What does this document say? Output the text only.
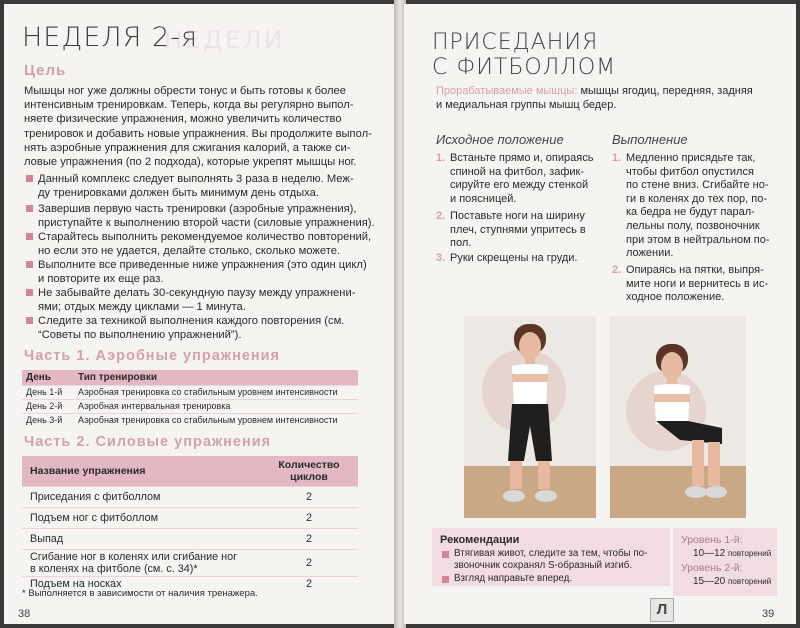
НЕДЕЛИ
НЕДЕЛЯ 2-я
Цель
Мышцы ног уже должны обрести тонус и быть готовы к более
интенсивным тренировкам. Теперь, когда вы регулярно выпол-
няете физические упражнения, можно увеличить количество
тренировок и добавить новые упражнения. Вы продолжите выпол-
нять аэробные упражнения для сжигания калорий, а также си-
ловые упражнения (по 2 подхода), которые укрепят мышцы ног.
Данный комплекс следует выполнять 3 раза в неделю. Меж-
ду тренировками должен быть минимум день отдыха.
Завершив первую часть тренировки (аэробные упражнения),
приступайте к выполнению второй части (силовые упражнения).
Старайтесь выполнить рекомендуемое количество повторений,
но если это не удается, делайте столько, сколько можете.
Выполните все приведенные ниже упражнения (это один цикл)
и повторите их еще раз.
Не забывайте делать 30-секундную паузу между упражнени-
ями; отдых между циклами — 1 минута.
Следите за техникой выполнения каждого повторения (см.
“Советы по выполнению упражнений”).
Часть 1. Аэробные упражнения
День	Тип тренировки
День 1-й	Аэробная тренировка со стабильным уровнем интенсивности
День 2-й	Аэробная интервальная тренировка
День 3-й	Аэробная тренировка со стабильным уровнем интенсивности
Часть 2. Силовые упражнения
Название упражнения	Количество
циклов

Приседания с фитболлом	2
Подъем ног с фитболлом	2
Выпад	2

Сгибание ног в коленях или сгибание ног
в коленях на фитболе (см. с. 34)*	2
Подъем на носках	2
* Выполняется в зависимости от наличия тренажера.
38
ПРИСЕДАНИЯ
С ФИТБОЛЛОМ
Прорабатываемые мышцы: мышцы ягодиц, передняя, задняя
и медиальная группы мышц бедер.
Исходное положение
1. Встаньте прямо и, опираясь
спиной на фитбол, зафик-
сируйте его между стенкой
и поясницей.
2. Поставьте ноги на ширину
плеч, ступнями упритесь в
пол.
3. Руки скрещены на груди.
Выполнение
1. Медленно присядьте так,
чтобы фитбол опустился
по стене вниз. Сгибайте но-
ги в коленях до тех пор, по-
ка бедра не будут парал-
лельны полу, позвоночник
при этом в нейтральном по-
ложении.
2. Опираясь на пятки, выпря-
мите ноги и вернитесь в ис-
ходное положение.
Рекомендации
Втягивая живот, следите за тем, чтобы по-
звоночник сохранял S-образный изгиб.
Взгляд направьте вперед.
Уровень 1-й:
10—12 повторений
Уровень 2-й:
15—20 повторений
Л	39
